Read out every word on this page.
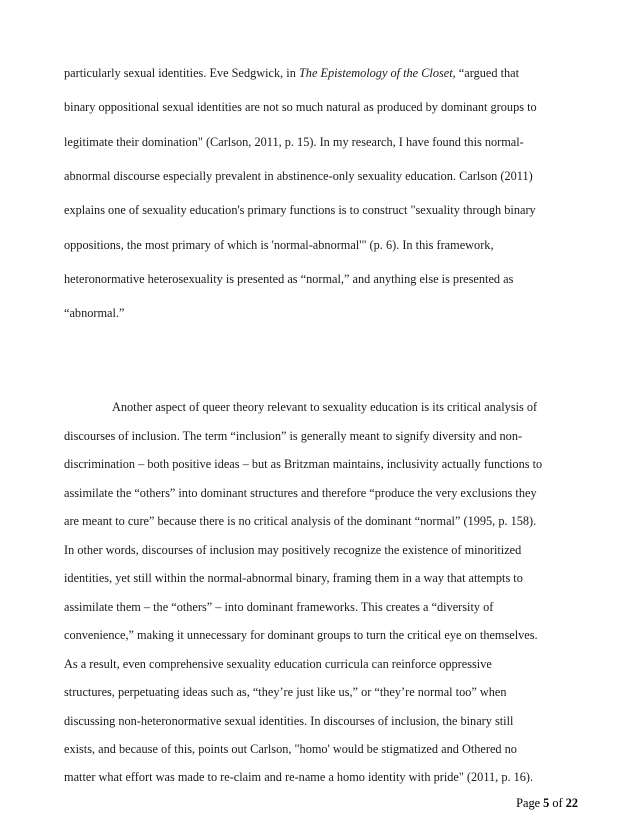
particularly sexual identities. Eve Sedgwick, in The Epistemology of the Closet, “argued that
binary oppositional sexual identities are not so much natural as produced by dominant groups to
legitimate their domination" (Carlson, 2011, p. 15). In my research, I have found this normal-
abnormal discourse especially prevalent in abstinence-only sexuality education. Carlson (2011)
explains one of sexuality education's primary functions is to construct "sexuality through binary
oppositions, the most primary of which is 'normal-abnormal'" (p. 6). In this framework,
heteronormative heterosexuality is presented as “normal,” and anything else is presented as
“abnormal.”
Another aspect of queer theory relevant to sexuality education is its critical analysis of
discourses of inclusion. The term “inclusion” is generally meant to signify diversity and non-
discrimination – both positive ideas – but as Britzman maintains, inclusivity actually functions to
assimilate the “others” into dominant structures and therefore “produce the very exclusions they
are meant to cure” because there is no critical analysis of the dominant “normal” (1995, p. 158).
In other words, discourses of inclusion may positively recognize the existence of minoritized
identities, yet still within the normal-abnormal binary, framing them in a way that attempts to
assimilate them – the “others” – into dominant frameworks. This creates a “diversity of
convenience,” making it unnecessary for dominant groups to turn the critical eye on themselves.
As a result, even comprehensive sexuality education curricula can reinforce oppressive
structures, perpetuating ideas such as, “they’re just like us,” or “they’re normal too” when
discussing non-heteronormative sexual identities. In discourses of inclusion, the binary still
exists, and because of this, points out Carlson, "homo' would be stigmatized and Othered no
matter what effort was made to re-claim and re-name a homo identity with pride" (2011, p. 16).
Page 5 of 22
